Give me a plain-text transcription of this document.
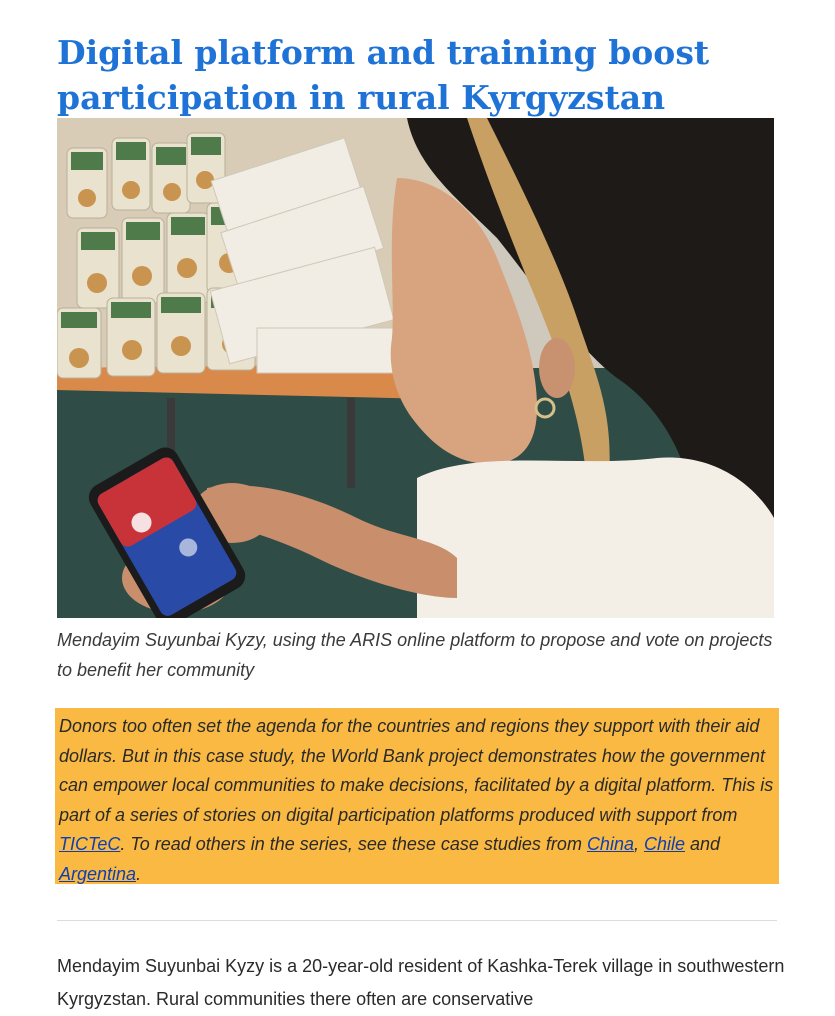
Digital platform and training boost
participation in rural Kyrgyzstan
Mendayim Suyunbai Kyzy, using the ARIS online platform to propose and vote on projects to benefit her community
Donors too often set the agenda for the countries and regions they support with their aid dollars. But in this case study, the World Bank project demonstrates how the government can empower local communities to make decisions, facilitated by a digital platform. This is part of a series of stories on digital participation platforms produced with support from TICTeC. To read others in the series, see these case studies from China, Chile and Argentina.
Mendayim Suyunbai Kyzy is a 20-year-old resident of Kashka-Terek village in southwestern Kyrgyzstan. Rural communities there often are conservative
